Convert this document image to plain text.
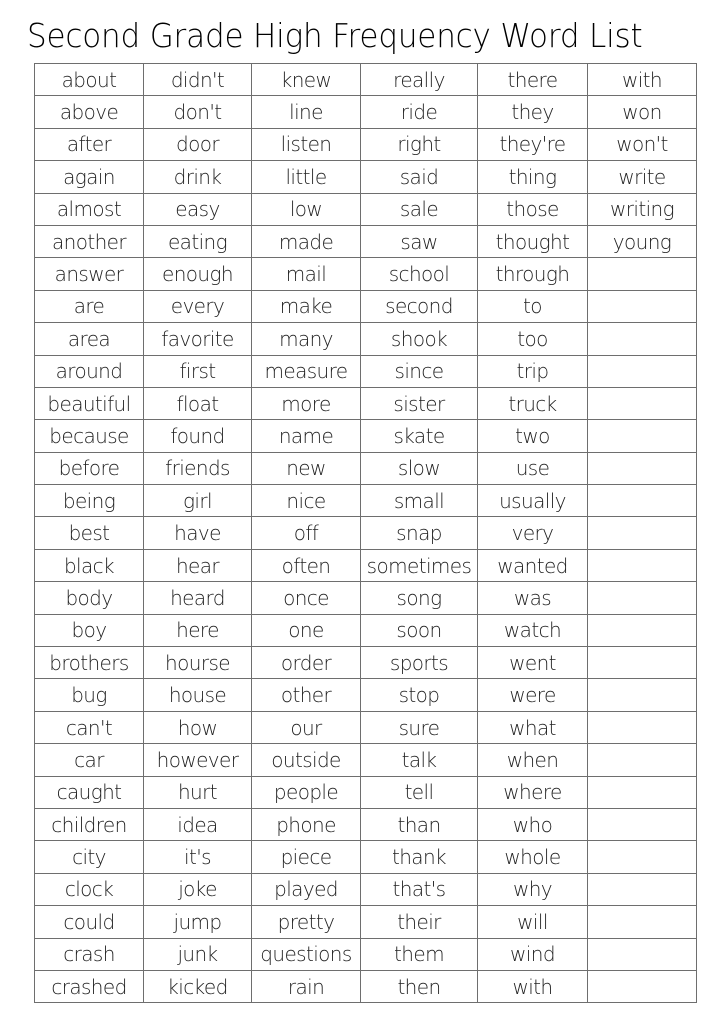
Second Grade High Frequency Word List
about	didn't	knew	really	there	with
above	don't	line	ride	they	won
after	door	listen	right	they're	won't
again	drink	little	said	thing	write
almost	easy	low	sale	those	writing
another	eating	made	saw	thought	young
answer	enough	mail	school	through	
are	every	make	second	to	
area	favorite	many	shook	too	
around	first	measure	since	trip	
beautiful	float	more	sister	truck	
because	found	name	skate	two	
before	friends	new	slow	use	
being	girl	nice	small	usually	
best	have	off	snap	very	
black	hear	often	sometimes	wanted	
body	heard	once	song	was	
boy	here	one	soon	watch	
brothers	hourse	order	sports	went	
bug	house	other	stop	were	
can't	how	our	sure	what	
car	however	outside	talk	when	
caught	hurt	people	tell	where	
children	idea	phone	than	who	
city	it's	piece	thank	whole	
clock	joke	played	that's	why	
could	jump	pretty	their	will	
crash	junk	questions	them	wind	
crashed	kicked	rain	then	with	
